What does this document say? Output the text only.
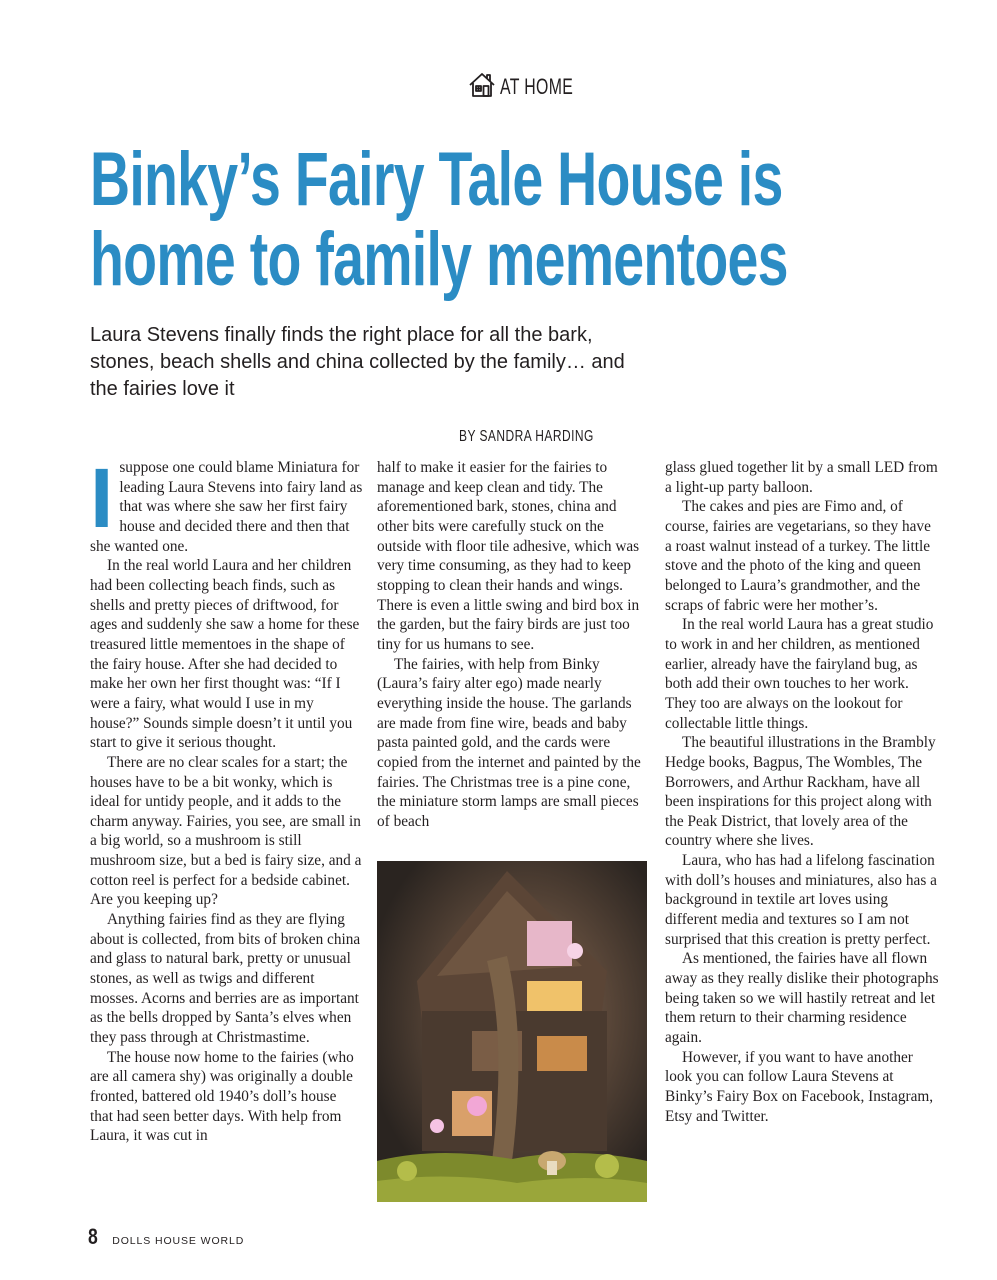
AT HOME
Binky’s Fairy Tale House is
home to family mementoes

Laura Stevens finally finds the right place for all the bark, stones, beach shells and china collected by the family… and the fairies love it

BY SANDRA HARDING

Isuppose one could blame Miniatura for leading Laura Stevens into fairy land as that was where she saw her first fairy house and decided there and then that she wanted one.

In the real world Laura and her children had been collecting beach finds, such as shells and pretty pieces of driftwood, for ages and suddenly she saw a home for these treasured little mementoes in the shape of the fairy house. After she had decided to make her own her first thought was: “If I were a fairy, what would I use in my house?” Sounds simple doesn’t it until you start to give it serious thought.

There are no clear scales for a start; the houses have to be a bit wonky, which is ideal for untidy people, and it adds to the charm anyway. Fairies, you see, are small in a big world, so a mushroom is still mushroom size, but a bed is fairy size, and a cotton reel is perfect for a bedside cabinet. Are you keeping up?

Anything fairies find as they are flying about is collected, from bits of broken china and glass to natural bark, pretty or unusual stones, as well as twigs and different mosses. Acorns and berries are as important as the bells dropped by Santa’s elves when they pass through at Christmastime.

The house now home to the fairies (who are all camera shy) was originally a double fronted, battered old 1940’s doll’s house that had seen better days. With help from Laura, it was cut in

half to make it easier for the fairies to manage and keep clean and tidy. The aforementioned bark, stones, china and other bits were carefully stuck on the outside with floor tile adhesive, which was very time consuming, as they had to keep stopping to clean their hands and wings. There is even a little swing and bird box in the garden, but the fairy birds are just too tiny for us humans to see.

The fairies, with help from Binky (Laura’s fairy alter ego) made nearly everything inside the house. The garlands are made from fine wire, beads and baby pasta painted gold, and the cards were copied from the internet and painted by the fairies. The Christmas tree is a pine cone, the miniature storm lamps are small pieces of beach

glass glued together lit by a small LED from a light-up party balloon.

The cakes and pies are Fimo and, of course, fairies are vegetarians, so they have a roast walnut instead of a turkey. The little stove and the photo of the king and queen belonged to Laura’s grandmother, and the scraps of fabric were her mother’s.

In the real world Laura has a great studio to work in and her children, as mentioned earlier, already have the fairyland bug, as both add their own touches to her work. They too are always on the lookout for collectable little things.

The beautiful illustrations in the Brambly Hedge books, Bagpus, The Wombles, The Borrowers, and Arthur Rackham, have all been inspirations for this project along with the Peak District, that lovely area of the country where she lives.

Laura, who has had a lifelong fascination with doll’s houses and miniatures, also has a background in textile art loves using different media and textures so I am not surprised that this creation is pretty perfect.

As mentioned, the fairies have all flown away as they really dislike their photographs being taken so we will hastily retreat and let them return to their charming residence again.

However, if you want to have another look you can follow Laura Stevens at Binky’s Fairy Box on Facebook, Instagram, Etsy and Twitter.

8 DOLLS HOUSE WORLD
